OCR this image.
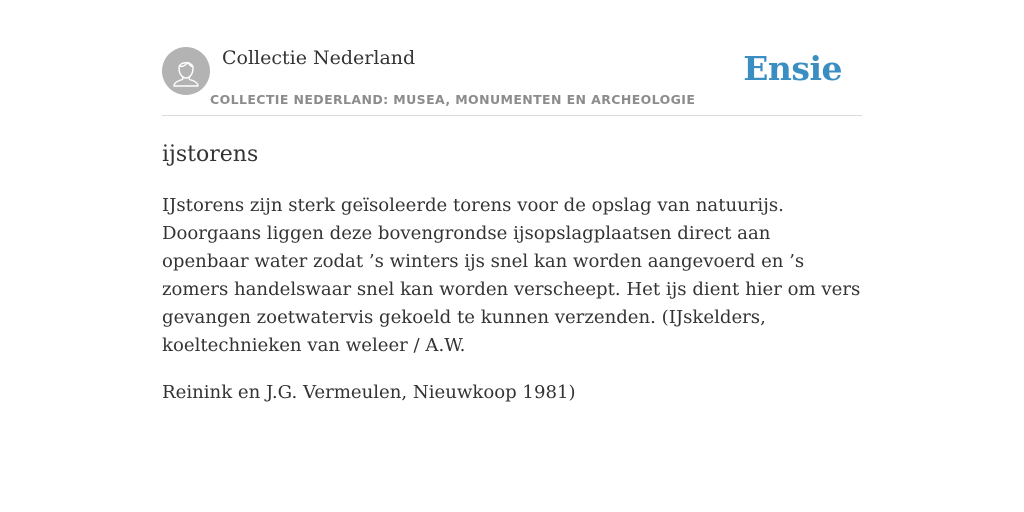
Collectie Nederland
COLLECTIE NEDERLAND: MUSEA, MONUMENTEN EN ARCHEOLOGIE
Ensie
ijstorens

IJstorens zijn sterk geïsoleerde torens voor de opslag van natuurijs. Doorgaans liggen deze bovengrondse ijsopslagplaatsen direct aan openbaar water zodat ’s winters ijs snel kan worden aangevoerd en ’s zomers handelswaar snel kan worden verscheept. Het ijs dient hier om vers gevangen zoetwatervis gekoeld te kunnen verzenden. (IJskelders, koeltechnieken van weleer / A.W.

Reinink en J.G. Vermeulen, Nieuwkoop 1981)
